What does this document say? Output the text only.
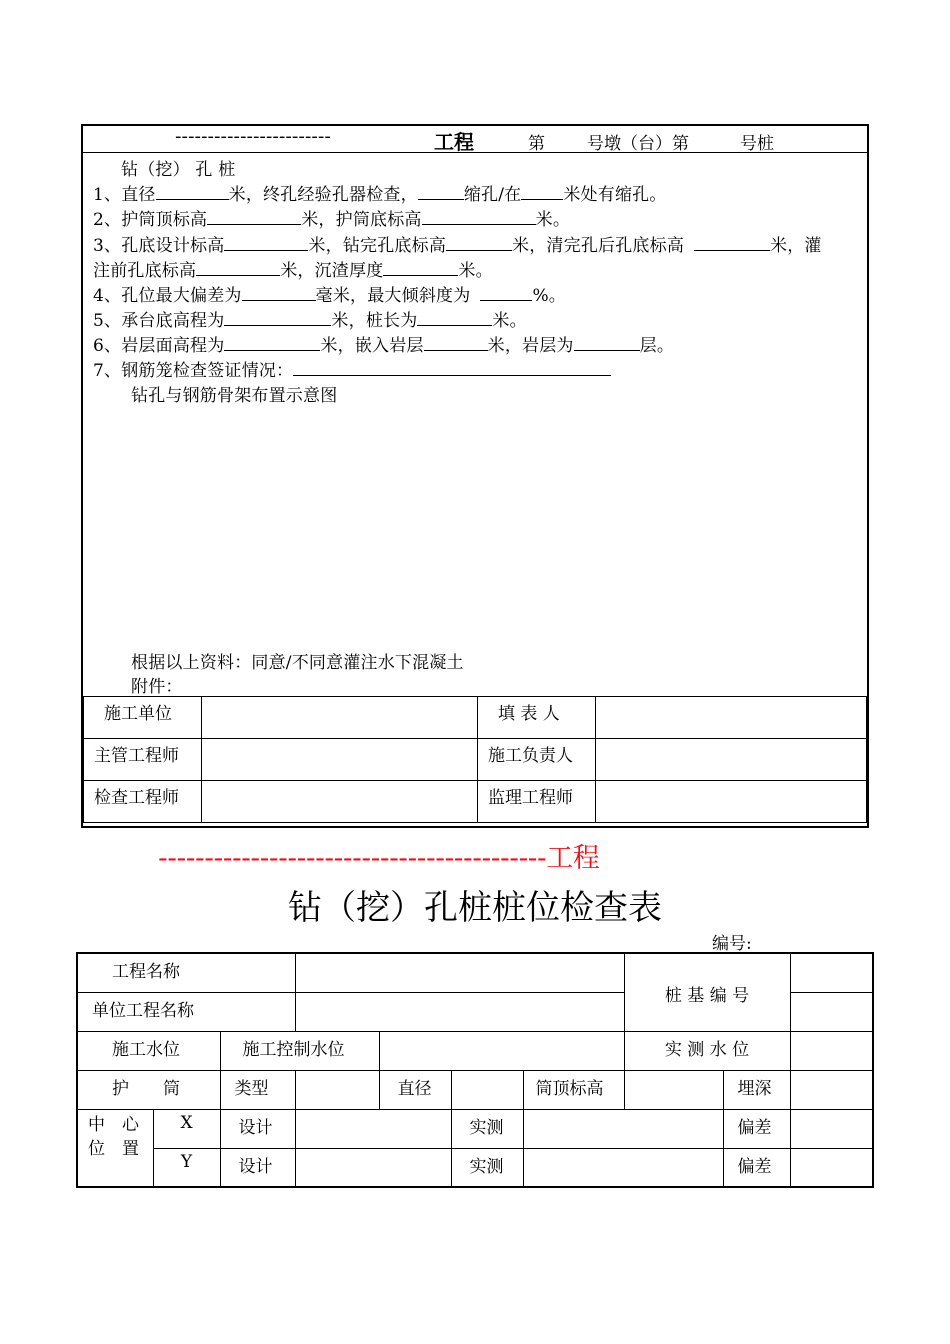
------------------------	工程	第 号墩（台）第	号桩
钻（挖） 孔 桩
1、直径	米，终孔经验孔器检查，	缩孔/在 米处有缩孔。
2、护筒顶标高	米，护筒底标高	米。
3、孔底设计标高	米，钻完孔底标高	米，清完孔后孔底标高	米，灌
注前孔底标高	米，沉渣厚度	米。
4、孔位最大偏差为	毫米，最大倾斜度为	%。
5、承台底高程为	米，桩长为	米。
6、岩层面高程为	米，嵌入岩层	米，岩层为	层。
7、钢筋笼检查签证情况：
钻孔与钢筋骨架布置示意图
根据以上资料：同意/不同意灌注水下混凝土
附件：
施工单位		填 表 人	
主管工程师		施工负责人	
检查工程师		监理工程师	
------------------------------------------工程
钻（挖）孔桩桩位检查表
编号:
工程名称							桩 基 编 号		
单位工程名称									
施工水位		施工控制水位					实 测 水 位		
护　　筒		类型		直径		筒顶标高		埋深	

中　心
位　置	X	设计			实测			偏差	
	Y	设计			实测			偏差	
